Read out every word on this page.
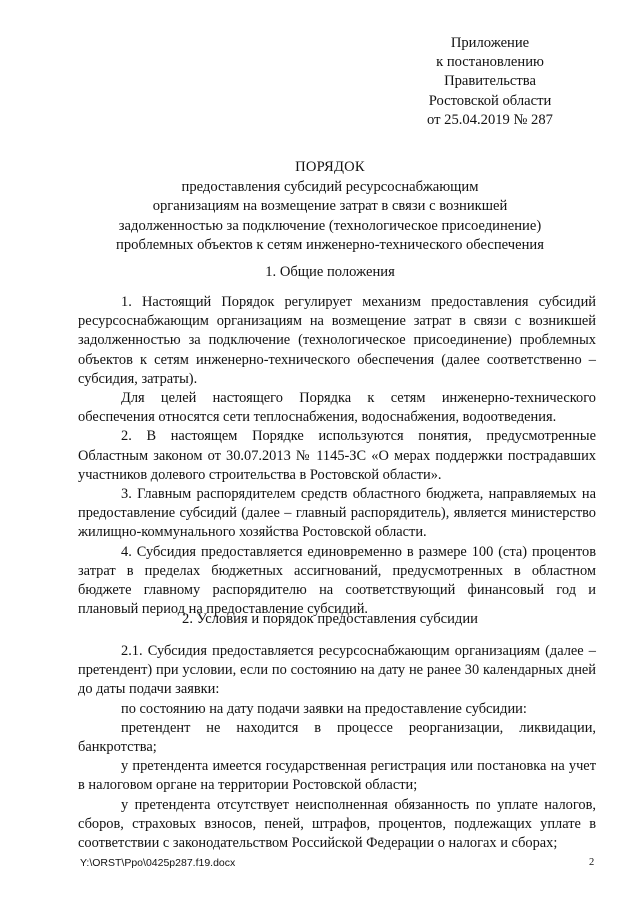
Приложение
к постановлению
Правительства
Ростовской области
от 25.04.2019 № 287
ПОРЯДОК
предоставления субсидий ресурсоснабжающим
организациям на возмещение затрат в связи с возникшей
задолженностью за подключение (технологическое присоединение)
проблемных объектов к сетям инженерно-технического обеспечения
1. Общие положения

1. Настоящий Порядок регулирует механизм предоставления субсидий ресурсоснабжающим организациям на возмещение затрат в связи с возникшей задолженностью за подключение (технологическое присоединение) проблемных объектов к сетям инженерно-технического обеспечения (далее соответственно – субсидия, затраты).

Для целей настоящего Порядка к сетям инженерно-технического обеспечения относятся сети теплоснабжения, водоснабжения, водоотведения.

2. В настоящем Порядке используются понятия, предусмотренные Областным законом от 30.07.2013 № 1145-ЗС «О мерах поддержки пострадавших участников долевого строительства в Ростовской области».

3. Главным распорядителем средств областного бюджета, направляемых на предоставление субсидий (далее – главный распорядитель), является министерство жилищно-коммунального хозяйства Ростовской области.

4. Субсидия предоставляется единовременно в размере 100 (ста) процентов затрат в пределах бюджетных ассигнований, предусмотренных в областном бюджете главному распорядителю на соответствующий финансовый год и плановый период на предоставление субсидий.

2. Условия и порядок предоставления субсидии

2.1. Субсидия предоставляется ресурсоснабжающим организациям (далее – претендент) при условии, если по состоянию на дату не ранее 30 календарных дней до даты подачи заявки:

по состоянию на дату подачи заявки на предоставление субсидии:

претендент не находится в процессе реорганизации, ликвидации, банкротства;

у претендента имеется государственная регистрация или постановка на учет в налоговом органе на территории Ростовской области;

у претендента отсутствует неисполненная обязанность по уплате налогов, сборов, страховых взносов, пеней, штрафов, процентов, подлежащих уплате в соответствии с законодательством Российской Федерации о налогах и сборах;

Y:\ORST\Ppo\0425p287.f19.docx	2
